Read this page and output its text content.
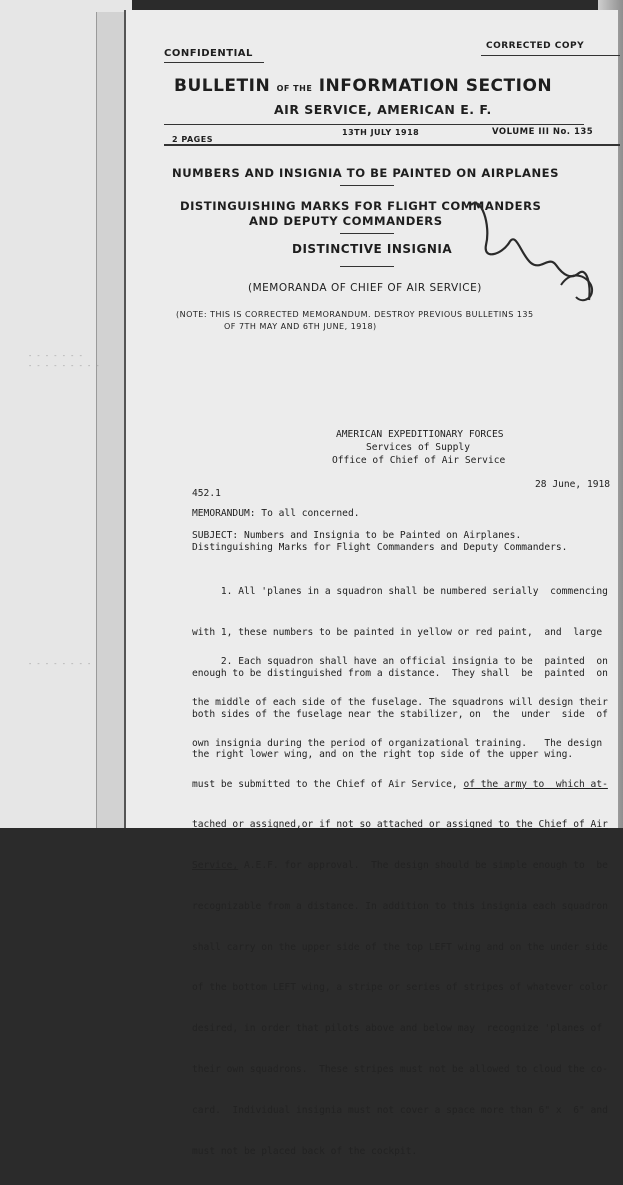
- - - - - - -
- - - - - - - - -
- - - - - - - -
CONFIDENTIAL
CORRECTED COPY
BULLETIN OF THE INFORMATION SECTION
AIR SERVICE, AMERICAN E. F.
2 PAGES
13TH JULY 1918	VOLUME III No. 135
NUMBERS AND INSIGNIA TO BE PAINTED ON AIRPLANES
DISTINGUISHING MARKS FOR FLIGHT COMMANDERS
AND DEPUTY COMMANDERS
DISTINCTIVE INSIGNIA
(MEMORANDA OF CHIEF OF AIR SERVICE)
(NOTE: THIS IS CORRECTED MEMORANDUM. DESTROY PREVIOUS BULLETINS 135
OF 7TH MAY AND 6TH JUNE, 1918)
AMERICAN EXPEDITIONARY FORCES
Services of Supply
Office of Chief of Air Service
452.1
28 June, 1918
MEMORANDUM: To all concerned.
SUBJECT: Numbers and Insignia to be Painted on Airplanes.
Distinguishing Marks for Flight Commanders and Deputy Commanders.

1. All 'planes in a squadron shall be numbered serially  commencing

with 1, these numbers to be painted in yellow or red paint,  and  large

enough to be distinguished from a distance.  They shall  be  painted  on

both sides of the fuselage near the stabilizer, on  the  under  side  of

the right lower wing, and on the right top side of the upper wing.

2. Each squadron shall have an official insignia to be  painted  on

the middle of each side of the fuselage. The squadrons will design their

own insignia during the period of organizational training.   The design

must be submitted to the Chief of Air Service, of the army to  which at-

tached or assigned,or if not so attached or assigned to the Chief of Air

Service, A.E.F. for approval.  The design should be simple enough to  be

recognizable from a distance. In addition to this insignia each squadron

shall carry on the upper side of the top LEFT wing and on the under side

of the bottom LEFT wing, a stripe or series of stripes of whatever color

desired, in order that pilots above and below may  recognize 'planes of

their own squadrons.  These stripes must not be allowed to cloud the co-

card.  Individual insignia must not cover a space more than 6" x  6" and

must not be placed back of the cockpit.
